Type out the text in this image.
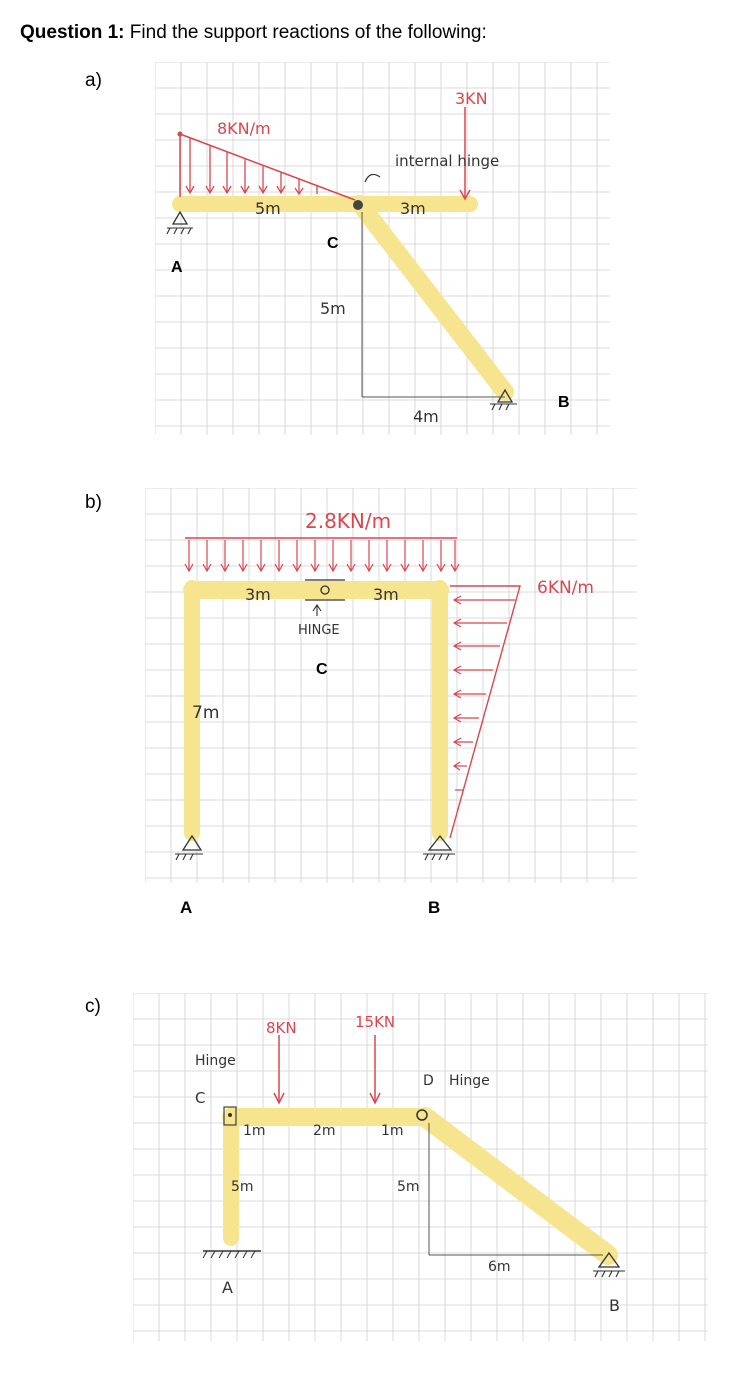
Question 1: Find the support reactions of the following:
a)
b)
c)
8KN/m
3KN
internal hinge
5m	3m
5m
4m
C
A
B
2.8KN/m
6KN/m
3m	3m
HINGE
C
7m
A	B
8KN	15KN
Hinge
C
1m	2m	1m
D Hinge
5m	5m
6m
A
B
